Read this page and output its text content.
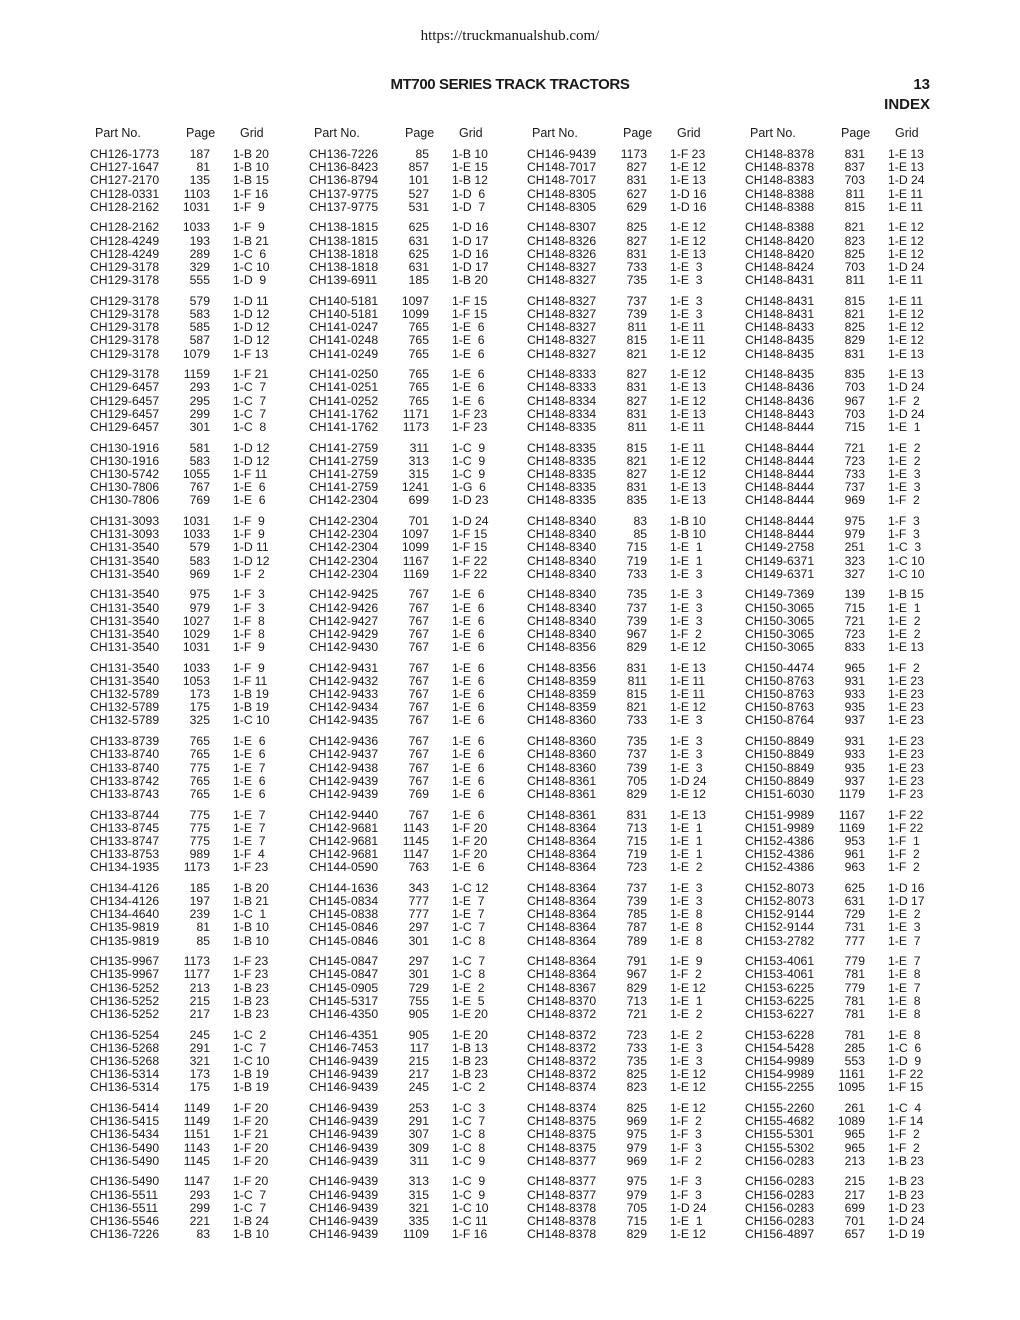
https://truckmanualshub.com/
MT700 SERIES TRACK TRACTORS	13
INDEX
Part No.	Page Grid
CH126-1773	187 1-B 20
CH127-1647	81 1-B 10
CH127-2170	135 1-B 15
CH128-0331	1103 1-F 16
CH128-2162	1031 1-F  9
CH128-2162	1033 1-F  9
CH128-4249	193 1-B 21
CH128-4249	289 1-C  6
CH129-3178	329 1-C 10
CH129-3178	555 1-D  9
CH129-3178	579 1-D 11
CH129-3178	583 1-D 12
CH129-3178	585 1-D 12
CH129-3178	587 1-D 12
CH129-3178	1079 1-F 13
CH129-3178	1159 1-F 21
CH129-6457	293 1-C  7
CH129-6457	295 1-C  7
CH129-6457	299 1-C  7
CH129-6457	301 1-C  8
CH130-1916	581 1-D 12
CH130-1916	583 1-D 12
CH130-5742	1055 1-F 11
CH130-7806	767 1-E  6
CH130-7806	769 1-E  6
CH131-3093	1031 1-F  9
CH131-3093	1033 1-F  9
CH131-3540	579 1-D 11
CH131-3540	583 1-D 12
CH131-3540	969 1-F  2
CH131-3540	975 1-F  3
CH131-3540	979 1-F  3
CH131-3540	1027 1-F  8
CH131-3540	1029 1-F  8
CH131-3540	1031 1-F  9
CH131-3540	1033 1-F  9
CH131-3540	1053 1-F 11
CH132-5789	173 1-B 19
CH132-5789	175 1-B 19
CH132-5789	325 1-C 10
CH133-8739	765 1-E  6
CH133-8740	765 1-E  6
CH133-8740	775 1-E  7
CH133-8742	765 1-E  6
CH133-8743	765 1-E  6
CH133-8744	775 1-E  7
CH133-8745	775 1-E  7
CH133-8747	775 1-E  7
CH133-8753	989 1-F  4
CH134-1935	1173 1-F 23
CH134-4126	185 1-B 20
CH134-4126	197 1-B 21
CH134-4640	239 1-C  1
CH135-9819	81 1-B 10
CH135-9819	85 1-B 10
CH135-9967	1173 1-F 23
CH135-9967	1177 1-F 23
CH136-5252	213 1-B 23
CH136-5252	215 1-B 23
CH136-5252	217 1-B 23
CH136-5254	245 1-C  2
CH136-5268	291 1-C  7
CH136-5268	321 1-C 10
CH136-5314	173 1-B 19
CH136-5314	175 1-B 19
CH136-5414	1149 1-F 20
CH136-5415	1149 1-F 20
CH136-5434	1151 1-F 21
CH136-5490	1143 1-F 20
CH136-5490	1145 1-F 20
CH136-5490	1147 1-F 20
CH136-5511	293 1-C  7
CH136-5511	299 1-C  7
CH136-5546	221 1-B 24
CH136-7226	83 1-B 10
Part No.	Page Grid
CH136-7226	85 1-B 10
CH136-8423	857 1-E 15
CH136-8794	101 1-B 12
CH137-9775	527 1-D  6
CH137-9775	531 1-D  7
CH138-1815	625 1-D 16
CH138-1815	631 1-D 17
CH138-1818	625 1-D 16
CH138-1818	631 1-D 17
CH139-6911	185 1-B 20
CH140-5181	1097 1-F 15
CH140-5181	1099 1-F 15
CH141-0247	765 1-E  6
CH141-0248	765 1-E  6
CH141-0249	765 1-E  6
CH141-0250	765 1-E  6
CH141-0251	765 1-E  6
CH141-0252	765 1-E  6
CH141-1762	1171 1-F 23
CH141-1762	1173 1-F 23
CH141-2759	311 1-C  9
CH141-2759	313 1-C  9
CH141-2759	315 1-C  9
CH141-2759	1241 1-G  6
CH142-2304	699 1-D 23
CH142-2304	701 1-D 24
CH142-2304	1097 1-F 15
CH142-2304	1099 1-F 15
CH142-2304	1167 1-F 22
CH142-2304	1169 1-F 22
CH142-9425	767 1-E  6
CH142-9426	767 1-E  6
CH142-9427	767 1-E  6
CH142-9429	767 1-E  6
CH142-9430	767 1-E  6
CH142-9431	767 1-E  6
CH142-9432	767 1-E  6
CH142-9433	767 1-E  6
CH142-9434	767 1-E  6
CH142-9435	767 1-E  6
CH142-9436	767 1-E  6
CH142-9437	767 1-E  6
CH142-9438	767 1-E  6
CH142-9439	767 1-E  6
CH142-9439	769 1-E  6
CH142-9440	767 1-E  6
CH142-9681	1143 1-F 20
CH142-9681	1145 1-F 20
CH142-9681	1147 1-F 20
CH144-0590	763 1-E  6
CH144-1636	343 1-C 12
CH145-0834	777 1-E  7
CH145-0838	777 1-E  7
CH145-0846	297 1-C  7
CH145-0846	301 1-C  8
CH145-0847	297 1-C  7
CH145-0847	301 1-C  8
CH145-0905	729 1-E  2
CH145-5317	755 1-E  5
CH146-4350	905 1-E 20
CH146-4351	905 1-E 20
CH146-7453	117 1-B 13
CH146-9439	215 1-B 23
CH146-9439	217 1-B 23
CH146-9439	245 1-C  2
CH146-9439	253 1-C  3
CH146-9439	291 1-C  7
CH146-9439	307 1-C  8
CH146-9439	309 1-C  8
CH146-9439	311 1-C  9
CH146-9439	313 1-C  9
CH146-9439	315 1-C  9
CH146-9439	321 1-C 10
CH146-9439	335 1-C 11
CH146-9439	1109 1-F 16
Part No.	Page Grid
CH146-9439	1173 1-F 23
CH148-7017	827 1-E 12
CH148-7017	831 1-E 13
CH148-8305	627 1-D 16
CH148-8305	629 1-D 16
CH148-8307	825 1-E 12
CH148-8326	827 1-E 12
CH148-8326	831 1-E 13
CH148-8327	733 1-E  3
CH148-8327	735 1-E  3
CH148-8327	737 1-E  3
CH148-8327	739 1-E  3
CH148-8327	811 1-E 11
CH148-8327	815 1-E 11
CH148-8327	821 1-E 12
CH148-8333	827 1-E 12
CH148-8333	831 1-E 13
CH148-8334	827 1-E 12
CH148-8334	831 1-E 13
CH148-8335	811 1-E 11
CH148-8335	815 1-E 11
CH148-8335	821 1-E 12
CH148-8335	827 1-E 12
CH148-8335	831 1-E 13
CH148-8335	835 1-E 13
CH148-8340	83 1-B 10
CH148-8340	85 1-B 10
CH148-8340	715 1-E  1
CH148-8340	719 1-E  1
CH148-8340	733 1-E  3
CH148-8340	735 1-E  3
CH148-8340	737 1-E  3
CH148-8340	739 1-E  3
CH148-8340	967 1-F  2
CH148-8356	829 1-E 12
CH148-8356	831 1-E 13
CH148-8359	811 1-E 11
CH148-8359	815 1-E 11
CH148-8359	821 1-E 12
CH148-8360	733 1-E  3
CH148-8360	735 1-E  3
CH148-8360	737 1-E  3
CH148-8360	739 1-E  3
CH148-8361	705 1-D 24
CH148-8361	829 1-E 12
CH148-8361	831 1-E 13
CH148-8364	713 1-E  1
CH148-8364	715 1-E  1
CH148-8364	719 1-E  1
CH148-8364	723 1-E  2
CH148-8364	737 1-E  3
CH148-8364	739 1-E  3
CH148-8364	785 1-E  8
CH148-8364	787 1-E  8
CH148-8364	789 1-E  8
CH148-8364	791 1-E  9
CH148-8364	967 1-F  2
CH148-8367	829 1-E 12
CH148-8370	713 1-E  1
CH148-8372	721 1-E  2
CH148-8372	723 1-E  2
CH148-8372	733 1-E  3
CH148-8372	735 1-E  3
CH148-8372	825 1-E 12
CH148-8374	823 1-E 12
CH148-8374	825 1-E 12
CH148-8375	969 1-F  2
CH148-8375	975 1-F  3
CH148-8375	979 1-F  3
CH148-8377	969 1-F  2
CH148-8377	975 1-F  3
CH148-8377	979 1-F  3
CH148-8378	705 1-D 24
CH148-8378	715 1-E  1
CH148-8378	829 1-E 12
Part No.	Page Grid
CH148-8378	831 1-E 13
CH148-8378	837 1-E 13
CH148-8383	703 1-D 24
CH148-8388	811 1-E 11
CH148-8388	815 1-E 11
CH148-8388	821 1-E 12
CH148-8420	823 1-E 12
CH148-8420	825 1-E 12
CH148-8424	703 1-D 24
CH148-8431	811 1-E 11
CH148-8431	815 1-E 11
CH148-8431	821 1-E 12
CH148-8433	825 1-E 12
CH148-8435	829 1-E 12
CH148-8435	831 1-E 13
CH148-8435	835 1-E 13
CH148-8436	703 1-D 24
CH148-8436	967 1-F  2
CH148-8443	703 1-D 24
CH148-8444	715 1-E  1
CH148-8444	721 1-E  2
CH148-8444	723 1-E  2
CH148-8444	733 1-E  3
CH148-8444	737 1-E  3
CH148-8444	969 1-F  2
CH148-8444	975 1-F  3
CH148-8444	979 1-F  3
CH149-2758	251 1-C  3
CH149-6371	323 1-C 10
CH149-6371	327 1-C 10
CH149-7369	139 1-B 15
CH150-3065	715 1-E  1
CH150-3065	721 1-E  2
CH150-3065	723 1-E  2
CH150-3065	833 1-E 13
CH150-4474	965 1-F  2
CH150-8763	931 1-E 23
CH150-8763	933 1-E 23
CH150-8763	935 1-E 23
CH150-8764	937 1-E 23
CH150-8849	931 1-E 23
CH150-8849	933 1-E 23
CH150-8849	935 1-E 23
CH150-8849	937 1-E 23
CH151-6030	1179 1-F 23
CH151-9989	1167 1-F 22
CH151-9989	1169 1-F 22
CH152-4386	953 1-F  1
CH152-4386	961 1-F  2
CH152-4386	963 1-F  2
CH152-8073	625 1-D 16
CH152-8073	631 1-D 17
CH152-9144	729 1-E  2
CH152-9144	731 1-E  3
CH153-2782	777 1-E  7
CH153-4061	779 1-E  7
CH153-4061	781 1-E  8
CH153-6225	779 1-E  7
CH153-6225	781 1-E  8
CH153-6227	781 1-E  8
CH153-6228	781 1-E  8
CH154-5428	285 1-C  6
CH154-9989	553 1-D  9
CH154-9989	1161 1-F 22
CH155-2255	1095 1-F 15
CH155-2260	261 1-C  4
CH155-4682	1089 1-F 14
CH155-5301	965 1-F  2
CH155-5302	965 1-F  2
CH156-0283	213 1-B 23
CH156-0283	215 1-B 23
CH156-0283	217 1-B 23
CH156-0283	699 1-D 23
CH156-0283	701 1-D 24
CH156-4897	657 1-D 19
